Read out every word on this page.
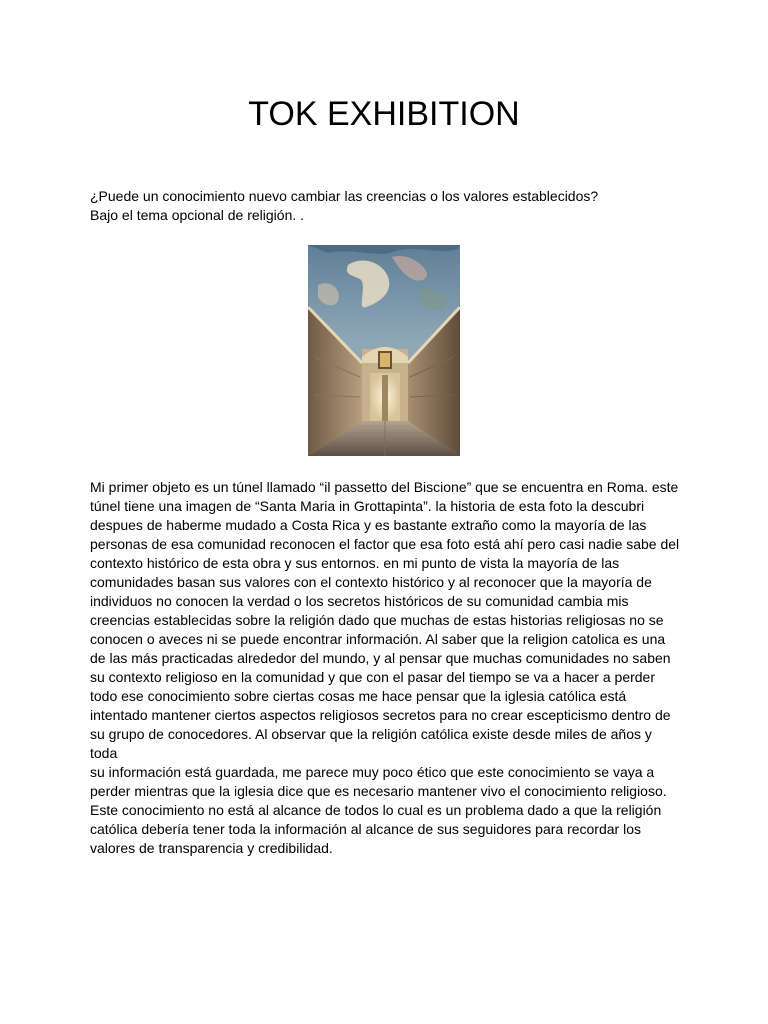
TOK EXHIBITION

¿Puede un conocimiento nuevo cambiar las creencias o los valores establecidos?

Bajo el tema opcional de religión. .

Mi primer objeto es un túnel llamado “il passetto del Biscione” que se encuentra en Roma. este

túnel tiene una imagen de “Santa Maria in Grottapinta”. la historia de esta foto la descubri

despues de haberme mudado a Costa Rica y es bastante extraño como la mayoría de las

personas de esa comunidad reconocen el factor que esa foto está ahí pero casi nadie sabe del

contexto histórico de esta obra y sus entornos. en mi punto de vista la mayoría de las

comunidades basan sus valores con el contexto histórico y al reconocer que la mayoría de

individuos no conocen la verdad o los secretos históricos de su comunidad cambia mis

creencias establecidas sobre la religión dado que muchas de estas historias religiosas no se

conocen o aveces ni se puede encontrar información. Al saber que la religion catolica es una

de las más practicadas alrededor del mundo, y al pensar que muchas comunidades no saben

su contexto religioso en la comunidad y que con el pasar del tiempo se va a hacer a perder

todo ese conocimiento sobre ciertas cosas me hace pensar que la iglesia católica está

intentado mantener ciertos aspectos religiosos secretos para no crear escepticismo dentro de

su grupo de conocedores. Al observar que la religión católica existe desde miles de años y toda

su información está guardada, me parece muy poco ético que este conocimiento se vaya a

perder mientras que la iglesia dice que es necesario mantener vivo el conocimiento religioso.

Este conocimiento no está al alcance de todos lo cual es un problema dado a que la religión

católica debería tener toda la información al alcance de sus seguidores para recordar los

valores de transparencia y credibilidad.
